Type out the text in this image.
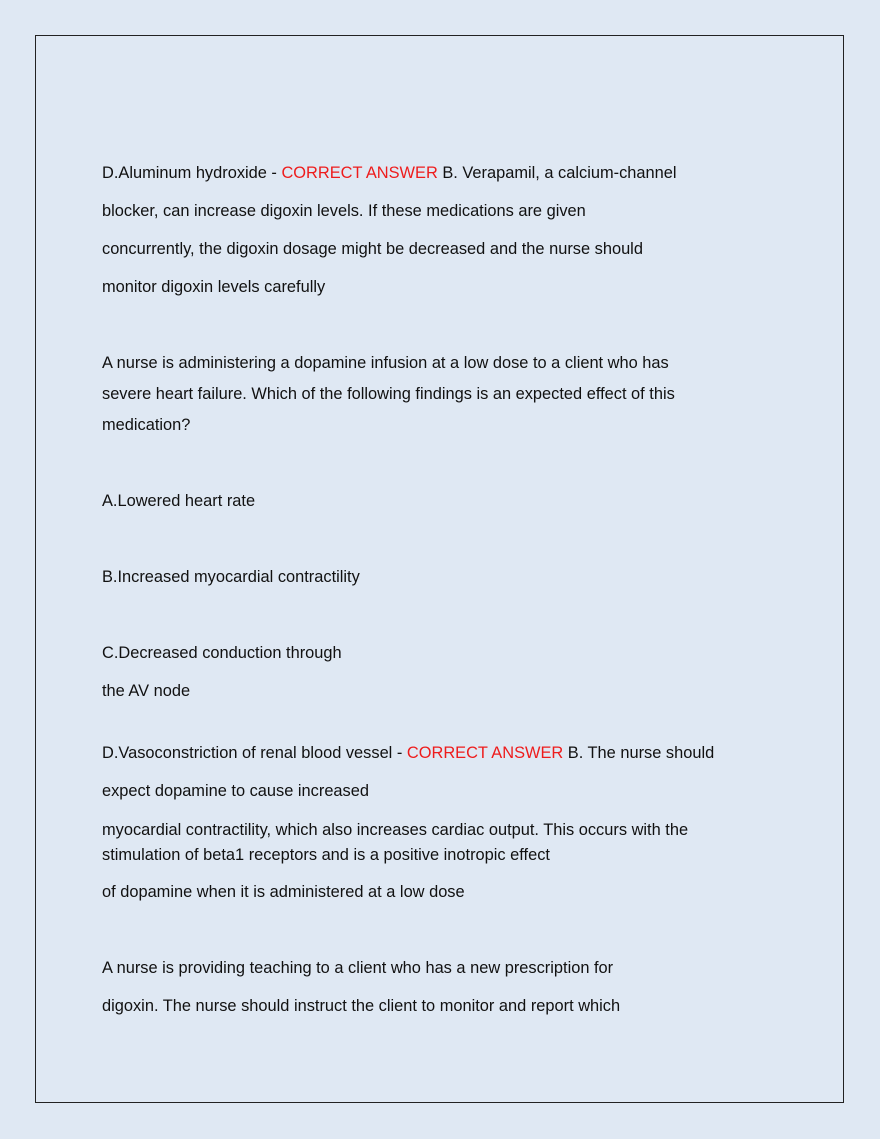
D.Aluminum hydroxide - CORRECT ANSWER B. Verapamil, a calcium-channel
blocker, can increase digoxin levels. If these medications are given
concurrently, the digoxin dosage might be decreased and the nurse should
monitor digoxin levels carefully
A nurse is administering a dopamine infusion at a low dose to a client who has
severe heart failure. Which of the following findings is an expected effect of this
medication?
A.Lowered heart rate
B.Increased myocardial contractility
C.Decreased conduction through
the AV node
D.Vasoconstriction of renal blood vessel - CORRECT ANSWER B. The nurse should
expect dopamine to cause increased
myocardial contractility, which also increases cardiac output. This occurs with the
stimulation of beta1 receptors and is a positive inotropic effect
of dopamine when it is administered at a low dose
A nurse is providing teaching to a client who has a new prescription for
digoxin. The nurse should instruct the client to monitor and report which
